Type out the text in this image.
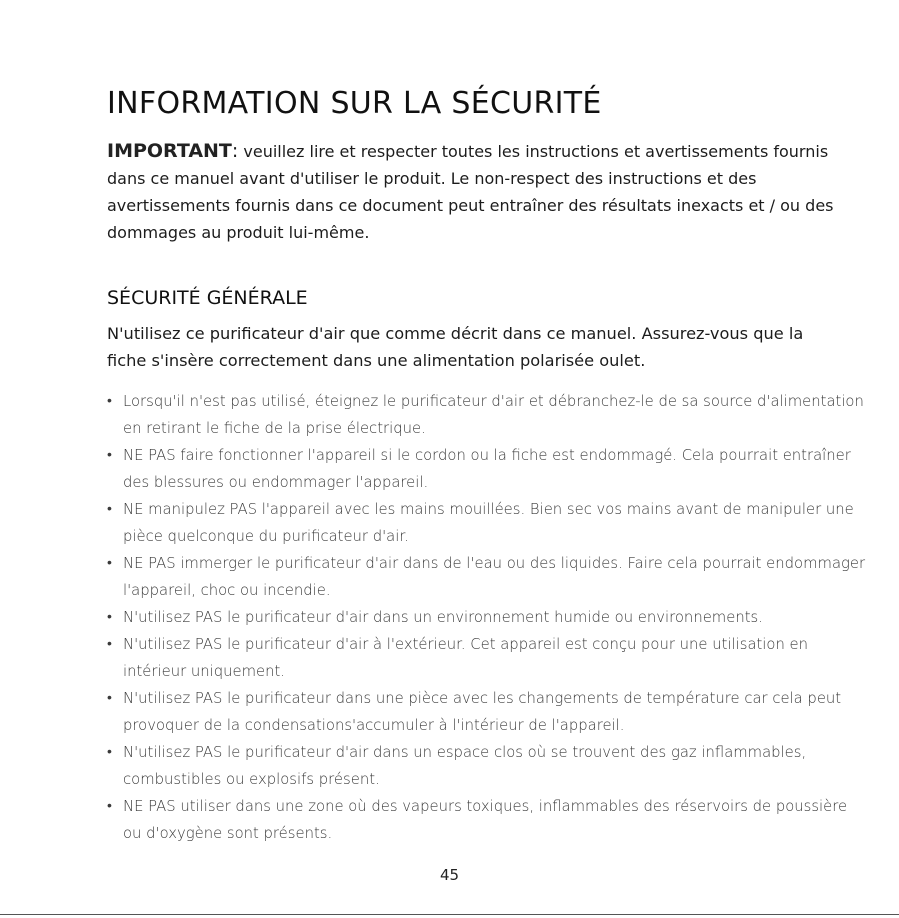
INFORMATION SUR LA SÉCURITÉ

IMPORTANT: veuillez lire et respecter toutes les instructions et avertissements fournis dans ce manuel avant d'utiliser le produit. Le non-respect des instructions et des avertissements fournis dans ce document peut entraîner des résultats inexacts et / ou des dommages au produit lui-même.

SÉCURITÉ GÉNÉRALE

N'utilisez ce purificateur d'air que comme décrit dans ce manuel. Assurez-vous que la fiche s'insère correctement dans une alimentation polarisée oulet.

• Lorsqu'il n'est pas utilisé, éteignez le purificateur d'air et débranchez-le de sa source d'alimentation en retirant le fiche de la prise électrique.
• NE PAS faire fonctionner l'appareil si le cordon ou la fiche est endommagé. Cela pourrait entraîner des blessures ou endommager l'appareil.
• NE manipulez PAS l'appareil avec les mains mouillées. Bien sec vos mains avant de manipuler une pièce quelconque du purificateur d'air.
• NE PAS immerger le purificateur d'air dans de l'eau ou des liquides. Faire cela pourrait endommager l'appareil, choc ou incendie.
• N'utilisez PAS le purificateur d'air dans un environnement humide ou environnements.
• N'utilisez PAS le purificateur d'air à l'extérieur. Cet appareil est conçu pour une utilisation en intérieur uniquement.
• N'utilisez PAS le purificateur dans une pièce avec les changements de température car cela peut provoquer de la condensations'accumuler à l'intérieur de l'appareil.
• N'utilisez PAS le purificateur d'air dans un espace clos où se trouvent des gaz inflammables, combustibles ou explosifs présent.
• NE PAS utiliser dans une zone où des vapeurs toxiques, inflammables des réservoirs de poussière ou d'oxygène sont présents.

45
